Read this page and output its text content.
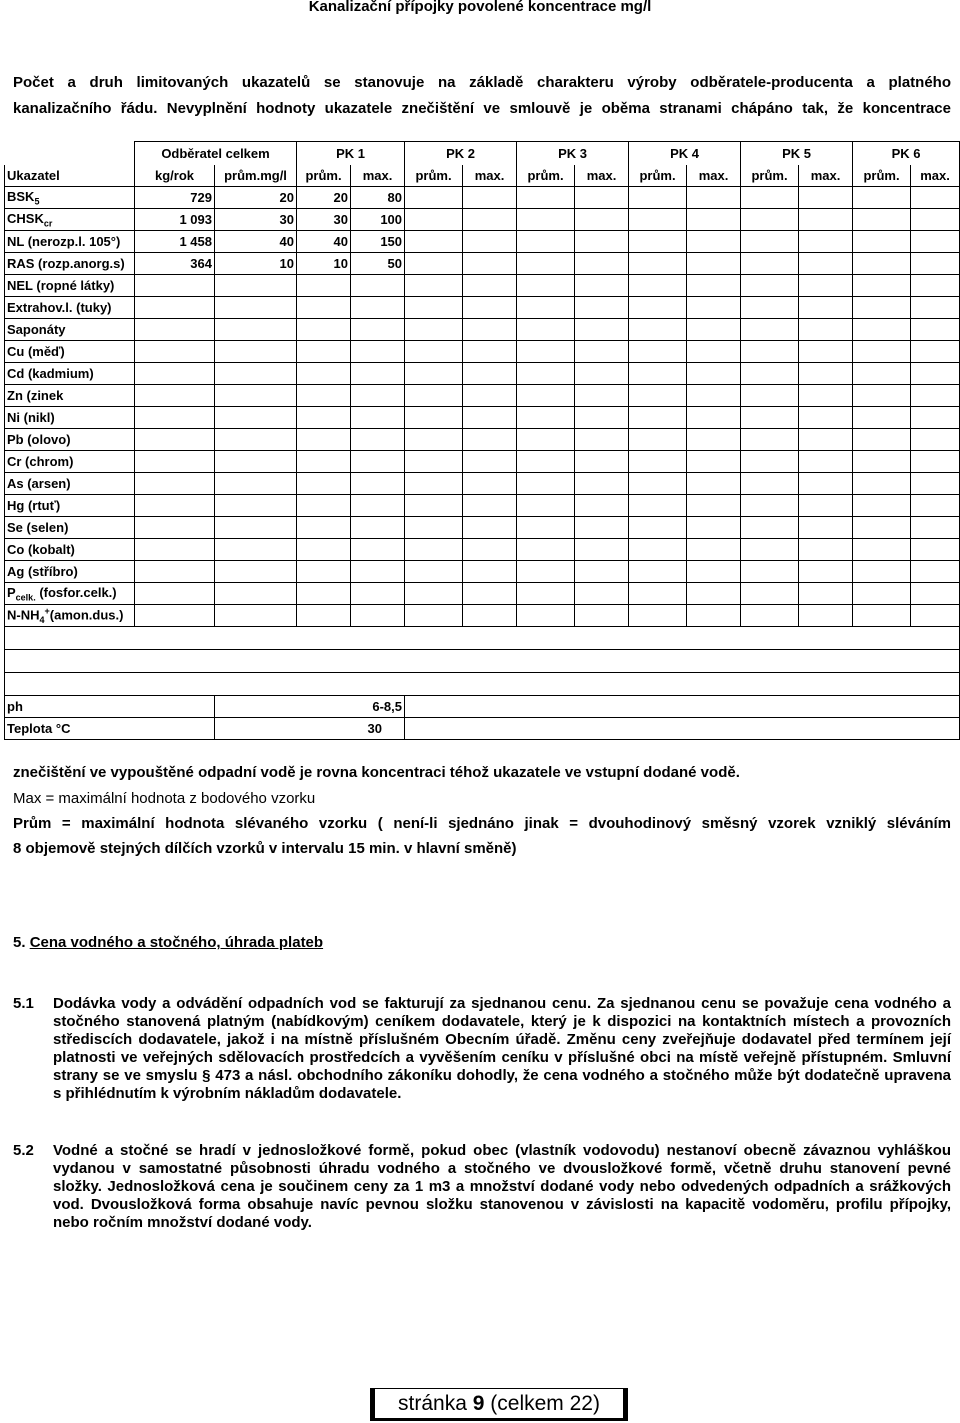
Kanalizační přípojky povolené koncentrace mg/l
Počet a druh limitovaných ukazatelů se stanovuje na základě charakteru výroby odběratele-producenta a platného
kanalizačního řádu. Nevyplnění hodnoty ukazatele znečištění ve smlouvě je oběma stranami chápáno tak, že koncentrace
	Odběratel celkem		PK 1		PK 2		PK 3		PK 4		PK 5		PK 6	
Ukazatel	kg/rok	prům.mg/l	prům.	max.	prům.	max.	prům.	max.	prům.	max.	prům.	max.	prům.	max.
$BSK_5$	729	20	20	80										
$CHSK_{cr}$	1 093	30	30	100										
NL (nerozp.l. 105°)	1 458	40	40	150										
RAS (rozp.anorg.s)	364	10	10	50										
NEL (ropné látky)														
Extrahov.l. (tuky)														
Saponáty														
Cu (měď)														
Cd (kadmium)														
Zn (zinek														
Ni (nikl)														
Pb (olovo)														
Cr (chrom)														
As (arsen)														
Hg (rtuť)														
Se (selen)														
Co (kobalt)														
Ag (stříbro)														
$P_{celk.}$ (fosfor.celk.)														
$N-NH_4^+(amon.dus.)$														

ph		6-8,5												
Teplota °C		30												
znečištění ve vypouštěné odpadní vodě je rovna koncentraci téhož ukazatele ve vstupní dodané vodě.
Max = maximální hodnota z bodového vzorku
Prům = maximální hodnota slévaného vzorku ( není-li sjednáno jinak = dvouhodinový směsný vzorek vzniklý sléváním
8 objemově stejných dílčích vzorků v intervalu 15 min. v hlavní směně)
5. Cena vodného a stočného, úhrada plateb
5.1	Dodávka vody a odvádění odpadních vod se fakturují za sjednanou cenu. Za sjednanou cenu se považuje cena vodného a stočného stanovená platným (nabídkovým) ceníkem dodavatele, který je k dispozici na kontaktních místech a provozních střediscích dodavatele, jakož i na místně příslušném Obecním úřadě. Změnu ceny zveřejňuje dodavatel před termínem její platnosti ve veřejných sdělovacích prostředcích a vyvěšením ceníku v příslušné obci na místě veřejně přístupném. Smluvní strany se ve smyslu § 473 a násl. obchodního zákoníku dohodly, že cena vodného a stočného může být dodatečně upravena s přihlédnutím k výrobním nákladům dodavatele.
5.2	Vodné a stočné se hradí v jednosložkové formě, pokud obec (vlastník vodovodu) nestanoví obecně závaznou vyhláškou vydanou v samostatné působnosti úhradu vodného a stočného ve dvousložkové formě, včetně druhu stanovení pevné složky. Jednosložková cena je součinem ceny za 1 m3 a množství dodané vody nebo odvedených odpadních a srážkových vod. Dvousložková forma obsahuje navíc pevnou složku stanovenou v závislosti na kapacitě vodoměru, profilu přípojky, nebo ročním množství dodané vody.
stránka 9 (celkem 22)
